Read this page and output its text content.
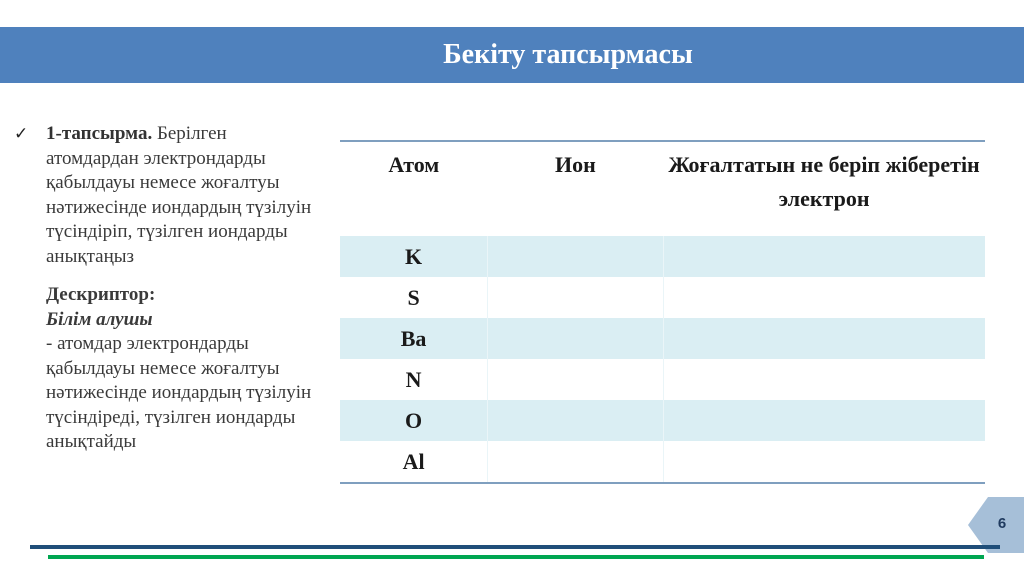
Бекіту тапсырмасы
✓ 1-тапсырма. Берілген атомдардан электрондарды қабылдауы немесе жоғалтуы нәтижесінде иондардың түзілуін түсіндіріп, түзілген иондарды анықтаңыз
Дескриптор:
Білім алушы
- атомдар электрондарды қабылдауы немесе жоғалтуы нәтижесінде иондардың түзілуін түсіндіреді, түзілген иондарды анықтайды
Атом	Ион	Жоғалтатын не беріп жіберетін электрон
K		
S		
Ba		
N		
O		
Al		
6
